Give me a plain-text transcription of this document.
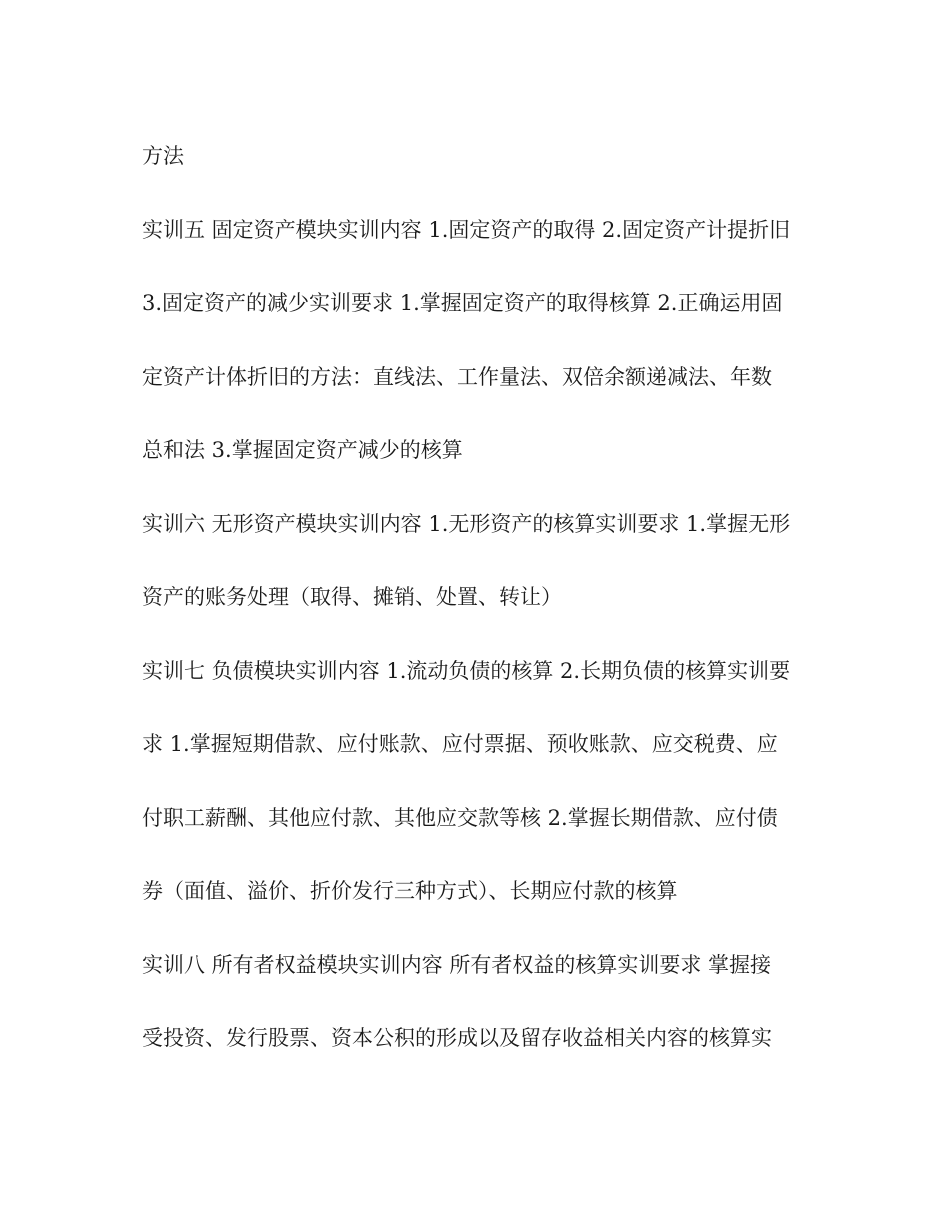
方法

实训五 固定资产模块实训内容 1.固定资产的取得 2.固定资产计提折旧

3.固定资产的减少实训要求 1.掌握固定资产的取得核算 2.正确运用固

定资产计体折旧的方法：直线法、工作量法、双倍余额递减法、年数

总和法 3.掌握固定资产减少的核算

实训六 无形资产模块实训内容 1.无形资产的核算实训要求 1.掌握无形

资产的账务处理（取得、摊销、处置、转让）

实训七 负债模块实训内容 1.流动负债的核算 2.长期负债的核算实训要

求 1.掌握短期借款、应付账款、应付票据、预收账款、应交税费、应

付职工薪酬、其他应付款、其他应交款等核 2.掌握长期借款、应付债

券（面值、溢价、折价发行三种方式）、长期应付款的核算

实训八 所有者权益模块实训内容 所有者权益的核算实训要求 掌握接

受投资、发行股票、资本公积的形成以及留存收益相关内容的核算实
